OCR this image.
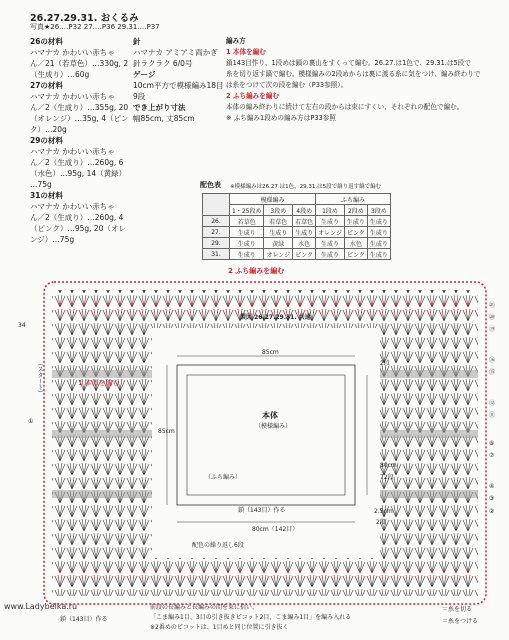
26.27.29.31. おくるみ
写真★26.…P32 27.…P36 29.31.…P37
26の材料
ハマナカ かわいい赤ちゃ
ん／21（若草色）…330g, 2
（生成り）…60g
27の材料
ハマナカ かわいい赤ちゃ
ん／2（生成り）…355g, 20
（オレンジ）…35g, 4（ピン
ク）…20g
29の材料
ハマナカ かわいい赤ちゃ
ん／2（生成り）…260g, 6
（水色）…95g, 14（黄緑）
…75g
31の材料
ハマナカ かわいい赤ちゃ
ん／2（生成り）…260g, 4
（ピンク）…95g, 20（オレ
ンジ）…75g
針
ハマナカ アミアミ両かぎ
針ラクラク 6/0号
ゲージ
10cm平方で模様編み18目
9段
でき上がり寸法
幅85cm, 丈85cm
編み方
1 本体を編む
鎖143目作り、1段めは鎖の裏山をすくって編む。26.27.は1色で、29.31.は5段で
糸を切り返す縞で編む。模様編みの2段めからは裏に渡る糸に気をつけ、編み終わりで
は糸をつけて次の段を編む（P33参照）。
2 ふち編みを編む
本体の編み終わりに続けて左右の段からは束にすくい、それぞれの配色で編む。
※ ふち編み1段めの編み方はP33参照
配色表 ※模様編みは26.27.は1色、29.31.は5段で縞り返す縞で編む
	模様編み			ふち編み		
	1・25段め	3段め	4段め	1段め	2段め	3段め
26.	若草色	若草色	若草色	生成り	生成り	生成り
27.	生成り	生成り	生成り	オレンジ	ピンク	生成り
29.	生成り	黄緑	水色	生成り	水色	生成り
31.	生成り	オレンジ	ピンク	生成り	ピンク	生成り
2 ふち編みを編む
製図 26.27.29.31. 共通
85cm
80cm
72段
85cm
2段
本体
（模様編み）
（ふち編み）
2.5cm
2段
鎖（143目）作る
80cm（142目）
配色の繰り返し6段
1 本体を編む
（スタート）
34
①
㉑
⑳
⑲
⑯
⑮
⑫
⑪
⑧
⑦
④
③
②
www.Ladybelka.ru
鎖（143目）作る
前段の長編みと長編みの間を束に拾い、
「こま編み1目、3目の引き抜きピコット2目、こま編み1目」を編み入れる
※2番めのピコットは、1目めと同じ位置に引き抜く
＝糸を切る
＝糸をつける
